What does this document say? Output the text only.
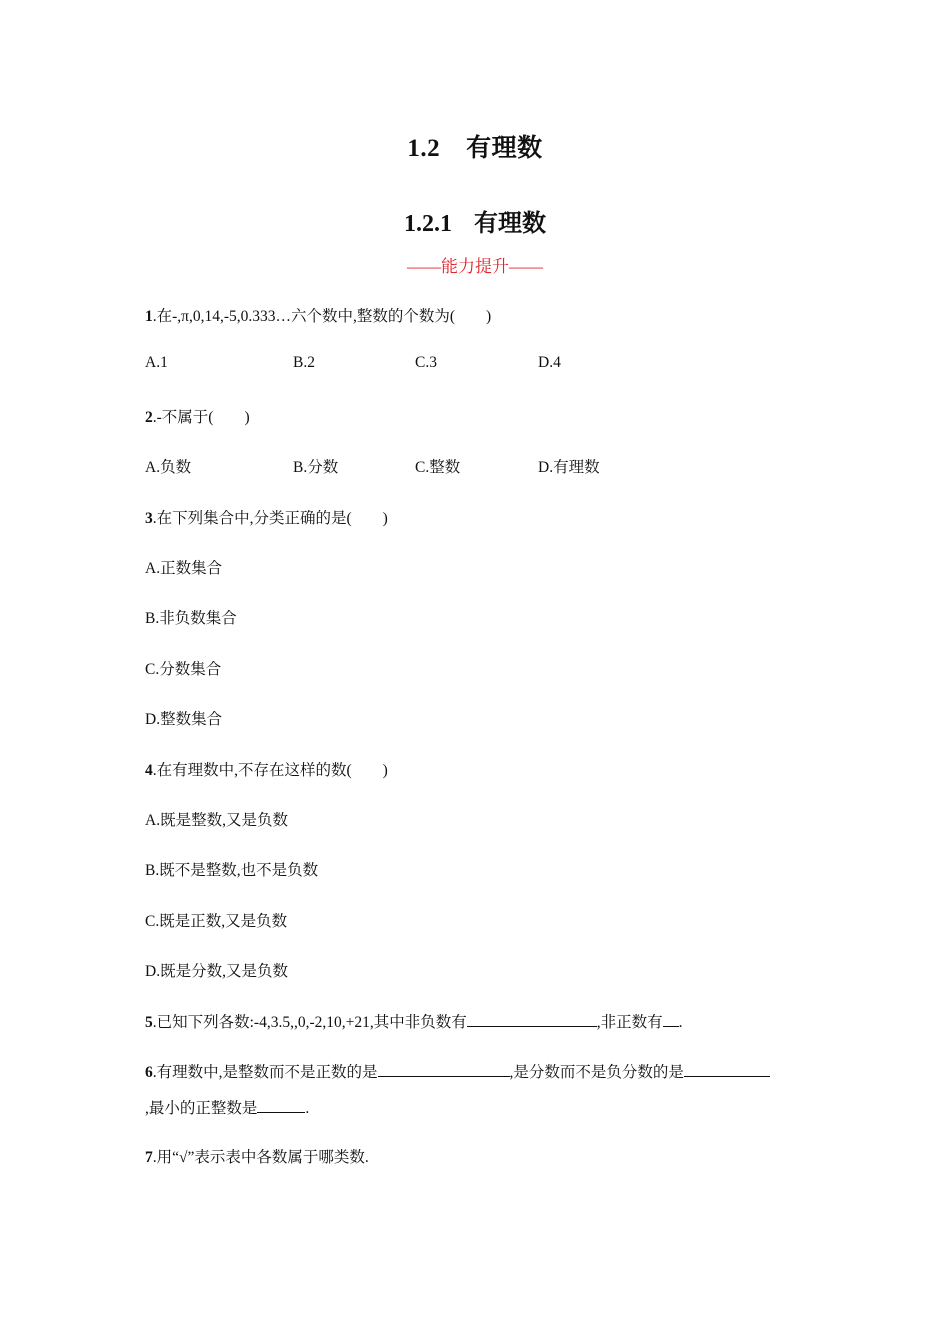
1.2 有理数
1.2.1 有理数
——能力提升——
1.在-,π,0,14,-5,0.333…六个数中,整数的个数为(　　)
A.1	B.2	C.3	D.4
2.-不属于(　　)
A.负数	B.分数	C.整数	D.有理数
3.在下列集合中,分类正确的是(　　)
A.正数集合
B.非负数集合
C.分数集合
D.整数集合
4.在有理数中,不存在这样的数(　　)
A.既是整数,又是负数
B.既不是整数,也不是负数
C.既是正数,又是负数
D.既是分数,又是负数
5.已知下列各数:-4,3.5,,0,-2,10,+21,其中非负数有	,非正数有 .
6.有理数中,是整数而不是正数的是	,是分数而不是负分数的是
,最小的正整数是	.
7.用“√”表示表中各数属于哪类数.
